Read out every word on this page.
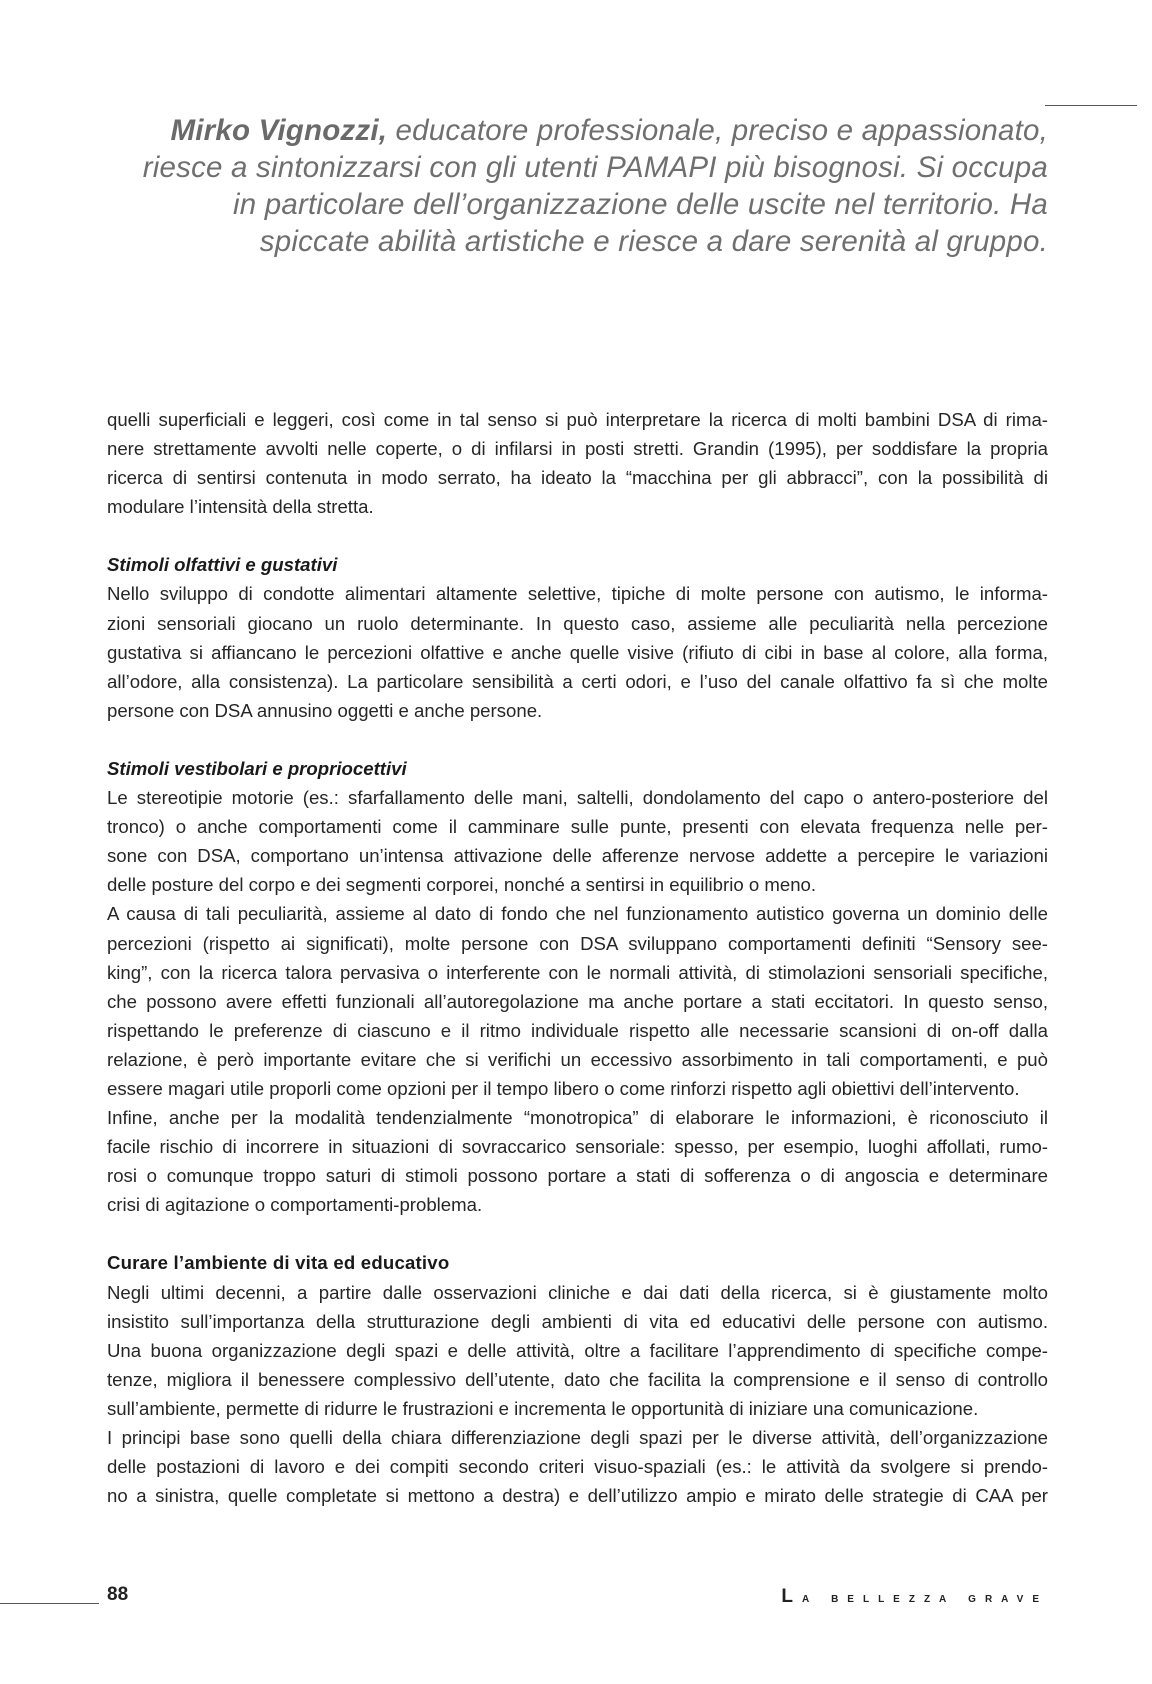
Mirko Vignozzi, educatore professionale, preciso e appassionato,
riesce a sintonizzarsi con gli utenti PAMAPI più bisognosi. Si occupa
in particolare dell’organizzazione delle uscite nel territorio. Ha
spiccate abilità artistiche e riesce a dare serenità al gruppo.
quelli superficiali e leggeri, così come in tal senso si può interpretare la ricerca di molti bambini DSA di rima-
nere strettamente avvolti nelle coperte, o di infilarsi in posti stretti. Grandin (1995), per soddisfare la propria
ricerca di sentirsi contenuta in modo serrato, ha ideato la “macchina per gli abbracci”, con la possibilità di
modulare l’intensità della stretta.
Stimoli olfattivi e gustativi
Nello sviluppo di condotte alimentari altamente selettive, tipiche di molte persone con autismo, le informa-
zioni sensoriali giocano un ruolo determinante. In questo caso, assieme alle peculiarità nella percezione
gustativa si affiancano le percezioni olfattive e anche quelle visive (rifiuto di cibi in base al colore, alla forma,
all’odore, alla consistenza). La particolare sensibilità a certi odori, e l’uso del canale olfattivo fa sì che molte
persone con DSA annusino oggetti e anche persone.
Stimoli vestibolari e propriocettivi
Le stereotipie motorie (es.: sfarfallamento delle mani, saltelli, dondolamento del capo o antero-posteriore del
tronco) o anche comportamenti come il camminare sulle punte, presenti con elevata frequenza nelle per-
sone con DSA, comportano un’intensa attivazione delle afferenze nervose addette a percepire le variazioni
delle posture del corpo e dei segmenti corporei, nonché a sentirsi in equilibrio o meno.
A causa di tali peculiarità, assieme al dato di fondo che nel funzionamento autistico governa un dominio delle
percezioni (rispetto ai significati), molte persone con DSA sviluppano comportamenti definiti “Sensory see-
king”, con la ricerca talora pervasiva o interferente con le normali attività, di stimolazioni sensoriali specifiche,
che possono avere effetti funzionali all’autoregolazione ma anche portare a stati eccitatori. In questo senso,
rispettando le preferenze di ciascuno e il ritmo individuale rispetto alle necessarie scansioni di on-off dalla
relazione, è però importante evitare che si verifichi un eccessivo assorbimento in tali comportamenti, e può
essere magari utile proporli come opzioni per il tempo libero o come rinforzi rispetto agli obiettivi dell’intervento.
Infine, anche per la modalità tendenzialmente “monotropica” di elaborare le informazioni, è riconosciuto il
facile rischio di incorrere in situazioni di sovraccarico sensoriale: spesso, per esempio, luoghi affollati, rumo-
rosi o comunque troppo saturi di stimoli possono portare a stati di sofferenza o di angoscia e determinare
crisi di agitazione o comportamenti-problema.
Curare l’ambiente di vita ed educativo
Negli ultimi decenni, a partire dalle osservazioni cliniche e dai dati della ricerca, si è giustamente molto
insistito sull’importanza della strutturazione degli ambienti di vita ed educativi delle persone con autismo.
Una buona organizzazione degli spazi e delle attività, oltre a facilitare l’apprendimento di specifiche compe-
tenze, migliora il benessere complessivo dell’utente, dato che facilita la comprensione e il senso di controllo
sull’ambiente, permette di ridurre le frustrazioni e incrementa le opportunità di iniziare una comunicazione.
I principi base sono quelli della chiara differenziazione degli spazi per le diverse attività, dell’organizzazione
delle postazioni di lavoro e dei compiti secondo criteri visuo-spaziali (es.: le attività da svolgere si prendo-
no a sinistra, quelle completate si mettono a destra) e dell’utilizzo ampio e mirato delle strategie di CAA per
88	La bellezza grave
